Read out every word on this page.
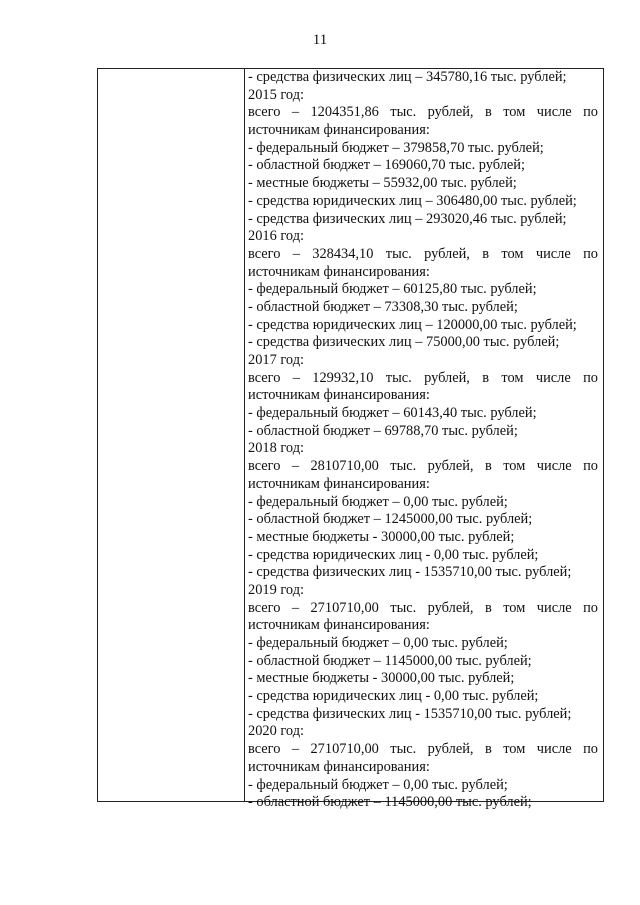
11
- средства физических лиц – 345780,16 тыс. рублей;
2015 год:
всего – 1204351,86 тыс. рублей, в том числе по
источникам финансирования:
- федеральный бюджет – 379858,70 тыс. рублей;
- областной бюджет – 169060,70 тыс. рублей;
- местные бюджеты – 55932,00 тыс. рублей;
- средства юридических лиц – 306480,00 тыс. рублей;
- средства физических лиц – 293020,46 тыс. рублей;
2016 год:
всего – 328434,10 тыс. рублей, в том числе по
источникам финансирования:
- федеральный бюджет – 60125,80 тыс. рублей;
- областной бюджет – 73308,30 тыс. рублей;
- средства юридических лиц – 120000,00 тыс. рублей;
- средства физических лиц – 75000,00 тыс. рублей;
2017 год:
всего – 129932,10 тыс. рублей, в том числе по
источникам финансирования:
- федеральный бюджет – 60143,40 тыс. рублей;
- областной бюджет – 69788,70 тыс. рублей;
2018 год:
всего – 2810710,00 тыс. рублей, в том числе по
источникам финансирования:
- федеральный бюджет – 0,00 тыс. рублей;
- областной бюджет – 1245000,00 тыс. рублей;
- местные бюджеты - 30000,00 тыс. рублей;
- средства юридических лиц - 0,00 тыс. рублей;
- средства физических лиц - 1535710,00 тыс. рублей;
2019 год:
всего – 2710710,00 тыс. рублей, в том числе по
источникам финансирования:
- федеральный бюджет – 0,00 тыс. рублей;
- областной бюджет – 1145000,00 тыс. рублей;
- местные бюджеты - 30000,00 тыс. рублей;
- средства юридических лиц - 0,00 тыс. рублей;
- средства физических лиц - 1535710,00 тыс. рублей;
2020 год:
всего – 2710710,00 тыс. рублей, в том числе по
источникам финансирования:
- федеральный бюджет – 0,00 тыс. рублей;
- областной бюджет – 1145000,00 тыс. рублей;
